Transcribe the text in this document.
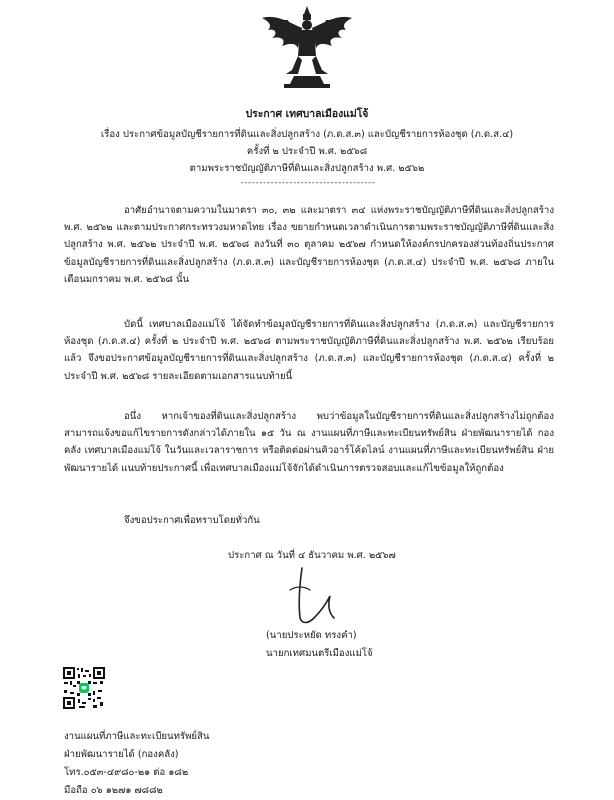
ประกาศ เทศบาลเมืองแม่โจ้
เรื่อง ประกาศข้อมูลบัญชีรายการที่ดินและสิ่งปลูกสร้าง (ภ.ด.ส.๓) และบัญชีรายการห้องชุด (ภ.ด.ส.๔)
ครั้งที่ ๒ ประจำปี พ.ศ. ๒๕๖๘
ตามพระราชบัญญัติภาษีที่ดินและสิ่งปลูกสร้าง พ.ศ. ๒๕๖๒
------------------------------------

อาศัยอำนาจตามความในมาตรา ๓๐, ๓๒ และมาตรา ๓๔ แห่งพระราชบัญญัติภาษีที่ดินและสิ่งปลูกสร้าง พ.ศ. ๒๕๖๒ และตามประกาศกระทรวงมหาดไทย เรื่อง ขยายกำหนดเวลาดำเนินการตามพระราชบัญญัติภาษีที่ดินและสิ่งปลูกสร้าง พ.ศ. ๒๕๖๒ ประจำปี พ.ศ. ๒๕๖๘ ลงวันที่ ๓๐ ตุลาคม ๒๕๖๗ กำหนดให้องค์กรปกครองส่วนท้องถิ่นประกาศข้อมูลบัญชีรายการที่ดินและสิ่งปลูกสร้าง (ภ.ด.ส.๓) และบัญชีรายการห้องชุด (ภ.ด.ส.๔) ประจำปี พ.ศ. ๒๕๖๘ ภายใน เดือนมกราคม พ.ศ. ๒๕๖๘ นั้น

บัดนี้ เทศบาลเมืองแม่โจ้ ได้จัดทำข้อมูลบัญชีรายการที่ดินและสิ่งปลูกสร้าง (ภ.ด.ส.๓) และบัญชีรายการห้องชุด (ภ.ด.ส.๔) ครั้งที่ ๒ ประจำปี พ.ศ. ๒๕๖๘ ตามพระราชบัญญัติภาษีที่ดินและสิ่งปลูกสร้าง พ.ศ. ๒๕๖๒ เรียบร้อยแล้ว จึงขอประกาศข้อมูลบัญชีรายการที่ดินและสิ่งปลูกสร้าง (ภ.ด.ส.๓) และบัญชีรายการห้องชุด (ภ.ด.ส.๔) ครั้งที่ ๒ ประจำปี พ.ศ. ๒๕๖๘ รายละเอียดตามเอกสารแนบท้ายนี้

อนึ่ง หากเจ้าของที่ดินและสิ่งปลูกสร้าง พบว่าข้อมูลในบัญชีรายการที่ดินและสิ่งปลูกสร้างไม่ถูกต้อง สามารถแจ้งขอแก้ไขรายการดังกล่าวได้ภายใน ๑๕ วัน ณ งานแผนที่ภาษีและทะเบียนทรัพย์สิน ฝ่ายพัฒนารายได้ กองคลัง เทศบาลเมืองแม่โจ้ ในวันและเวลาราชการ หรือติดต่อผ่านคิวอาร์โค้ดไลน์ งานแผนที่ภาษีและทะเบียนทรัพย์สิน ฝ่ายพัฒนารายได้ แนบท้ายประกาศนี้ เพื่อเทศบาลเมืองแม่โจ้จักได้ดำเนินการตรวจสอบและแก้ไขข้อมูลให้ถูกต้อง

จึงขอประกาศเพื่อทราบโดยทั่วกัน

ประกาศ ณ วันที่ ๔ ธันวาคม พ.ศ. ๒๕๖๗
(นายประหยัด ทรงคำ)
นายกเทศมนตรีเมืองแม่โจ้
งานแผนที่ภาษีและทะเบียนทรัพย์สิน
ฝ่ายพัฒนารายได้ (กองคลัง)
โทร.๐๕๓-๔๙๘๐-๒๑ ต่อ ๑๘๒
มือถือ ๐๖ ๑๒๗๑ ๗๘๘๒
